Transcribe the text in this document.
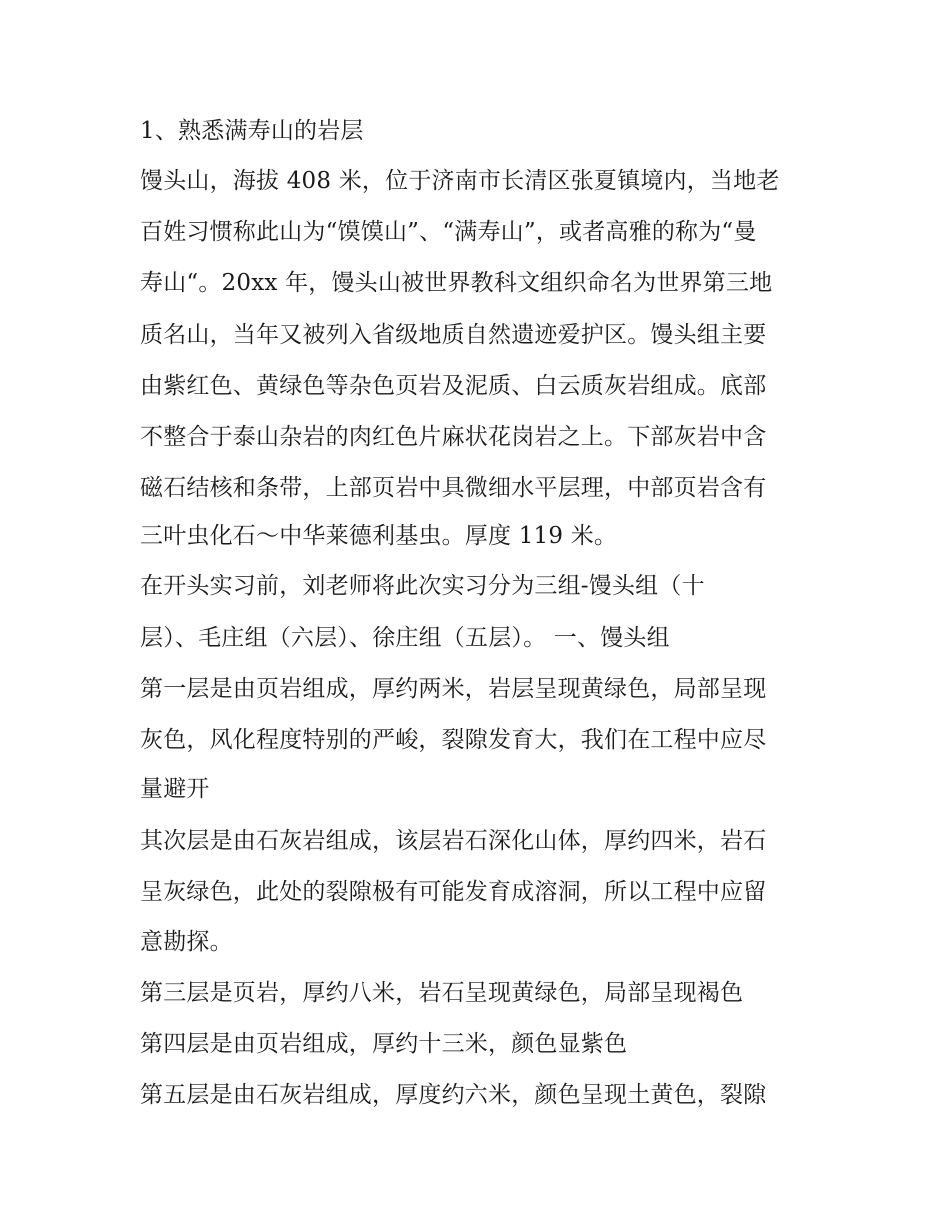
1、熟悉满寿山的岩层
馒头山，海拔 408 米，位于济南市长清区张夏镇境内，当地老
百姓习惯称此山为“馍馍山”、“满寿山”，或者高雅的称为“曼
寿山“。20xx 年，馒头山被世界教科文组织命名为世界第三地
质名山，当年又被列入省级地质自然遗迹爱护区。馒头组主要
由紫红色、黄绿色等杂色页岩及泥质、白云质灰岩组成。底部
不整合于泰山杂岩的肉红色片麻状花岗岩之上。下部灰岩中含
磁石结核和条带，上部页岩中具微细水平层理，中部页岩含有
三叶虫化石～中华莱德利基虫。厚度 119 米。
在开头实习前，刘老师将此次实习分为三组-馒头组（十
层）、毛庄组（六层）、徐庄组（五层）。 一、馒头组
第一层是由页岩组成，厚约两米，岩层呈现黄绿色，局部呈现
灰色，风化程度特别的严峻，裂隙发育大，我们在工程中应尽
量避开
其次层是由石灰岩组成，该层岩石深化山体，厚约四米，岩石
呈灰绿色，此处的裂隙极有可能发育成溶洞，所以工程中应留
意勘探。
第三层是页岩，厚约八米，岩石呈现黄绿色，局部呈现褐色
第四层是由页岩组成，厚约十三米，颜色显紫色
第五层是由石灰岩组成，厚度约六米，颜色呈现土黄色，裂隙
